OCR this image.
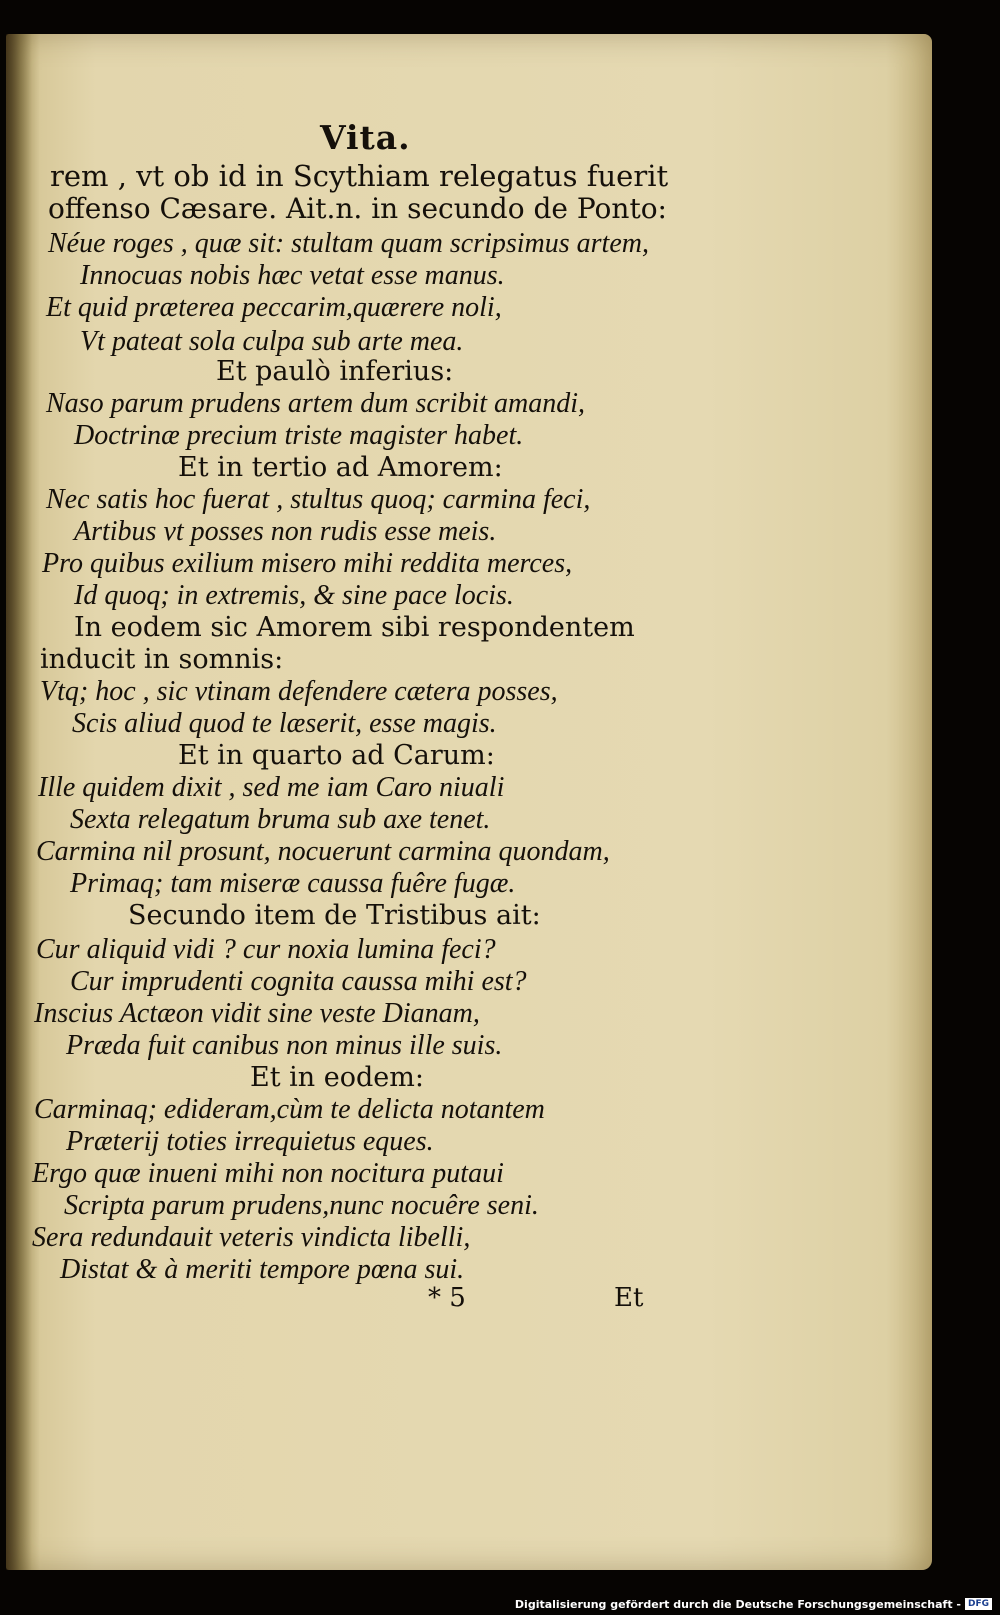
Vita.
rem , vt ob id in Scythiam relegatus fuerit
offenso Cæsare. Ait.n. in secundo de Ponto:
Néue roges , quæ sit: stultam quam scripsimus artem,
Innocuas nobis hæc vetat esse manus.
Et quid præterea peccarim,quærere noli,
Vt pateat sola culpa sub arte mea.
Et paulò inferius:
Naso parum prudens artem dum scribit amandi,
Doctrinæ precium triste magister habet.
Et in tertio ad Amorem:
Nec satis hoc fuerat , stultus quoq; carmina feci,
Artibus vt posses non rudis esse meis.
Pro quibus exilium misero mihi reddita merces,
Id quoq; in extremis, & sine pace locis.
In eodem sic Amorem sibi respondentem
inducit in somnis:
Vtq; hoc , sic vtinam defendere cætera posses,
Scis aliud quod te læserit, esse magis.
Et in quarto ad Carum:
Ille quidem dixit , sed me iam Caro niuali
Sexta relegatum bruma sub axe tenet.
Carmina nil prosunt, nocuerunt carmina quondam,
Primaq; tam miseræ caussa fuêre fugæ.
Secundo item de Tristibus ait:
Cur aliquid vidi ? cur noxia lumina feci?
Cur imprudenti cognita caussa mihi est?
Inscius Actæon vidit sine veste Dianam,
Præda fuit canibus non minus ille suis.
Et in eodem:
Carminaq; edideram,cùm te delicta notantem
Præterij toties irrequietus eques.
Ergo quæ inueni mihi non nocitura putaui
Scripta parum prudens,nunc nocuêre seni.
Sera redundauit veteris vindicta libelli,
Distat & à meriti tempore pœna sui.
* 5	Et
Digitalisierung gefördert durch die Deutsche Forschungsgemeinschaft - DFG
